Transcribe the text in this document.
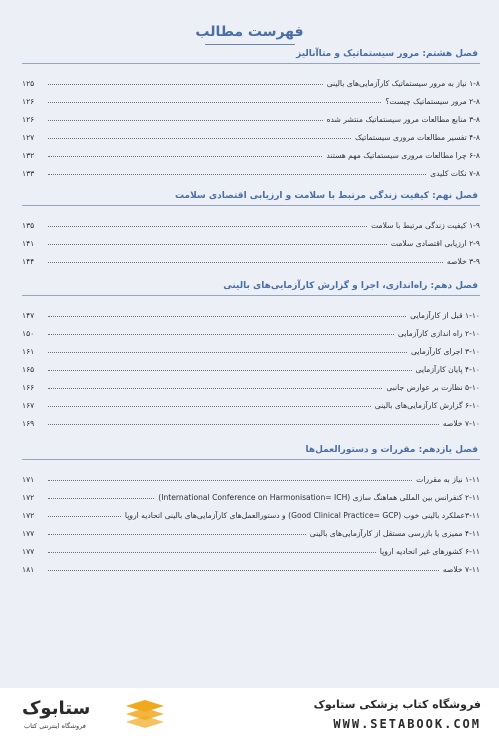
فهرست مطالب
فصل هشتم: مرور سیستماتیک و متاآنالیز
۱-۸ نیاز به مرور سیستماتیک کارآزمایی‌های بالینی
۱۲۵
۲-۸ مرور سیستماتیک چیست؟
۱۲۶
۳-۸ منابع مطالعات مرور سیستماتیک منتشر شده
۱۲۶
۴-۸ تفسیر مطالعات مروری سیستماتیک
۱۲۷
۶-۸ چرا مطالعات مروری سیستماتیک مهم هستند
۱۳۲
۷-۸ نکات کلیدی
۱۳۳
فصل نهم: کیفیت زندگی مرتبط با سلامت و ارزیابی اقتصادی سلامت
۱-۹ کیفیت زندگی مرتبط با سلامت
۱۳۵
۲-۹ ارزیابی اقتصادی سلامت
۱۴۱
۳-۹ خلاصه
۱۴۴
فصل دهم: راه‌اندازی، اجرا و گزارش کارآزمایی‌های بالینی
۱-۱۰ قبل از کارآزمایی
۱۴۷
۲-۱۰ راه اندازی کارآزمایی
۱۵۰
۳-۱۰ اجرای کارآزمایی
۱۶۱
۴-۱۰ پایان کارآزمایی
۱۶۵
۵-۱۰ نظارت بر عوارض جانبی
۱۶۶
۶-۱۰ گزارش کارآزمایی‌های بالینی
۱۶۷
۷-۱۰ خلاصه
۱۶۹
فصل یازدهم: مقررات و دستورالعمل‌ها
۱-۱۱ نیاز به مقررات
۱۷۱
۲-۱۱ کنفرانس بین المللی هماهنگ سازی (International Conference on Harmonisation= ICH)
۱۷۲
۳-۱۱عملکرد بالینی خوب (Good Clinical Practice= GCP) و دستورالعمل‌های کارآزمایی‌های بالینی اتحادیه اروپا
۱۷۲
۴-۱۱ ممیزی یا بازرسی مستقل از کارآزمایی‌های بالینی
۱۷۷
۶-۱۱ کشورهای غیر اتحادیه اروپا
۱۷۷
۷-۱۱ خلاصه
۱۸۱
ستابوک
فروشگاه اینترنتی کتاب
فروشگاه کتاب پزشکی ستابوک
WWW.SETABOOK.COM
